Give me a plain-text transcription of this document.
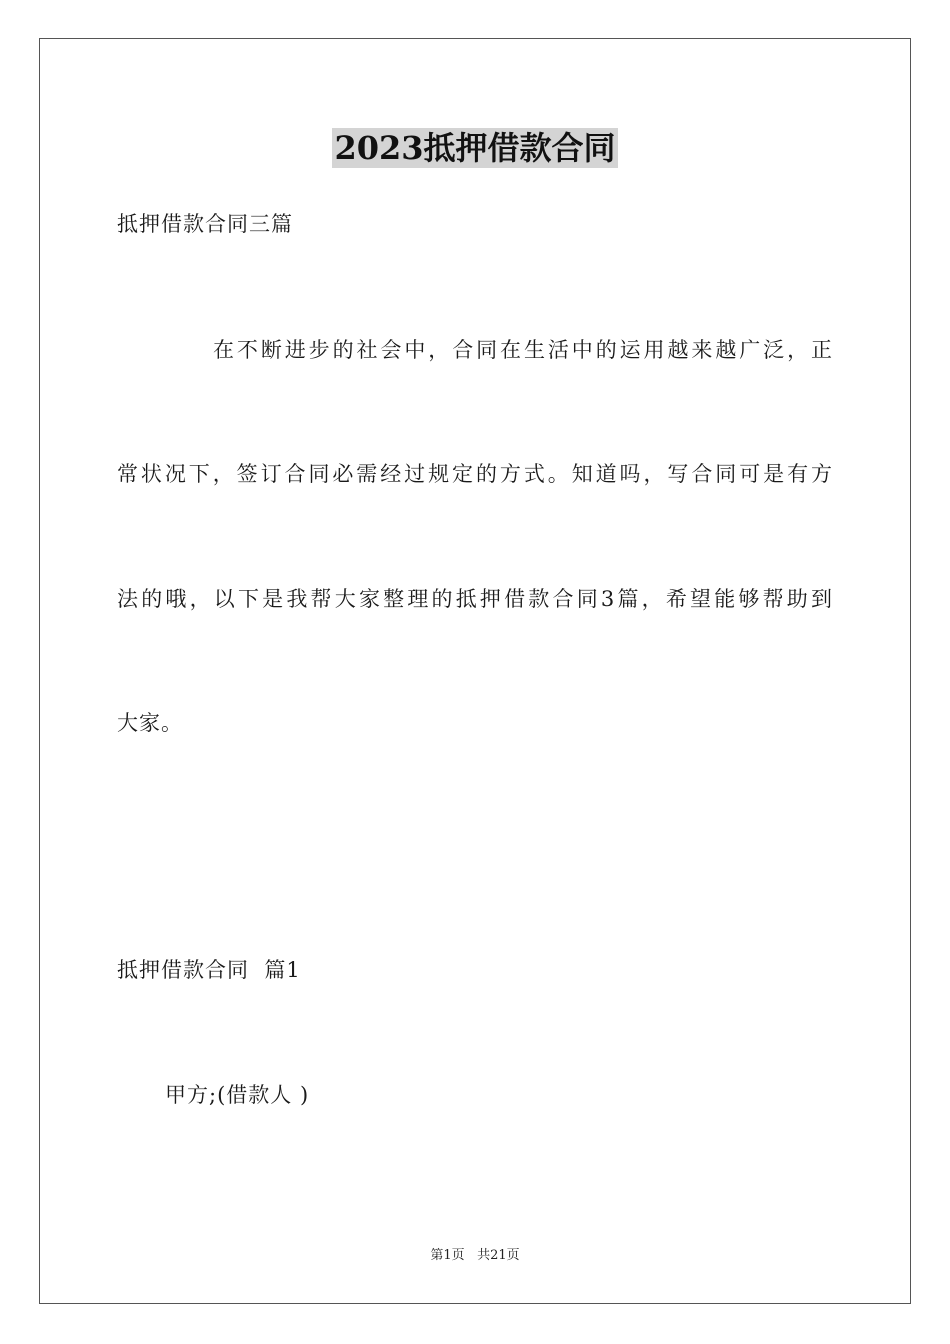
2023抵押借款合同
抵押借款合同三篇
在不断进步的社会中，合同在生活中的运用越来越广泛，正
常状况下，签订合同必需经过规定的方式。知道吗，写合同可是有方
法的哦，以下是我帮大家整理的抵押借款合同3篇，希望能够帮助到
大家。
抵押借款合同  篇1
甲方;(借款人 )
第1页 共21页
